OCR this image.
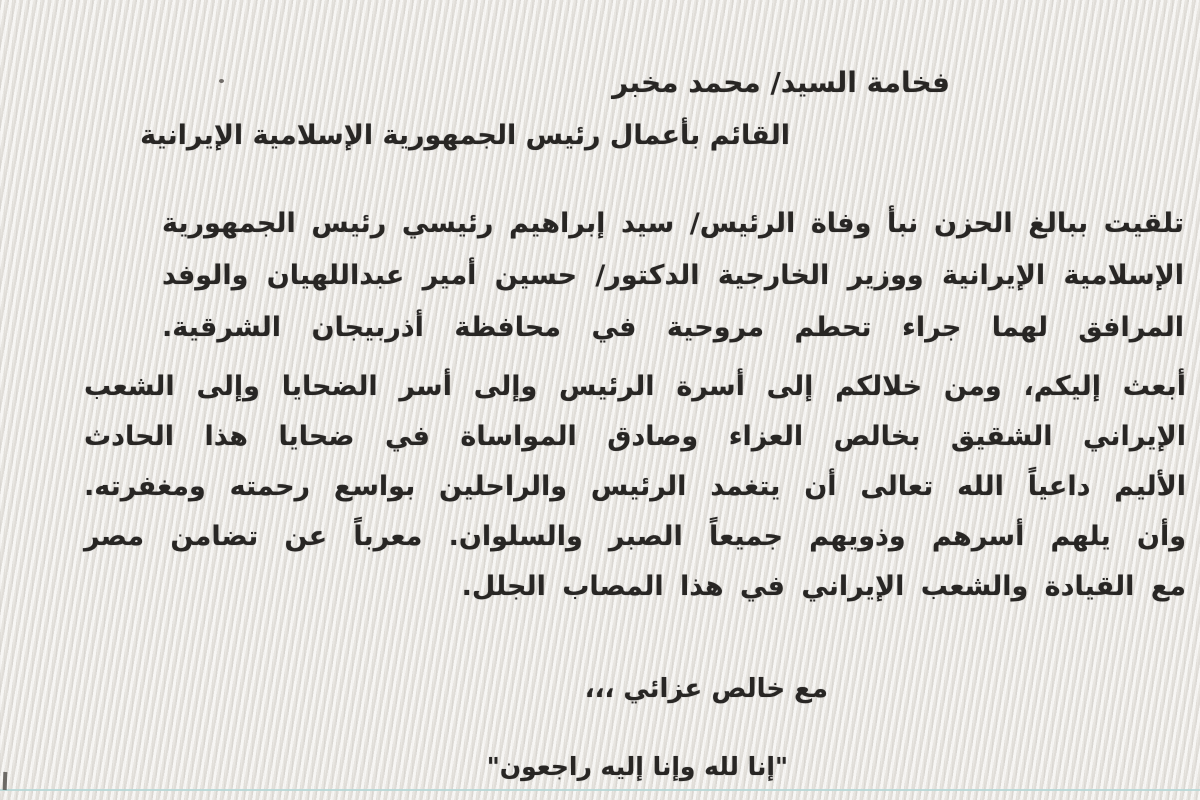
فخامة السيد/ محمد مخبر
القائم بأعمال رئيس الجمهورية الإسلامية الإيرانية
تلقيت ببالغ الحزن نبأ وفاة الرئيس/ سيد إبراهيم رئيسي رئيس الجمهورية
الإسلامية الإيرانية ووزير الخارجية الدكتور/ حسين أمير عبداللهيان والوفد
المرافق لهما جراء تحطم مروحية في محافظة أذربيجان الشرقية.
أبعث إليكم، ومن خلالكم إلى أسرة الرئيس وإلى أسر الضحايا وإلى الشعب
الإيراني الشقيق بخالص العزاء وصادق المواساة في ضحايا هذا الحادث
الأليم داعياً الله تعالى أن يتغمد الرئيس والراحلين بواسع رحمته ومغفرته.
وأن يلهم أسرهم وذويهم جميعاً الصبر والسلوان. معرباً عن تضامن مصر
مع القيادة والشعب الإيراني في هذا المصاب الجلل.
مع خالص عزائي ،،،
"إنا لله وإنا إليه راجعون"
